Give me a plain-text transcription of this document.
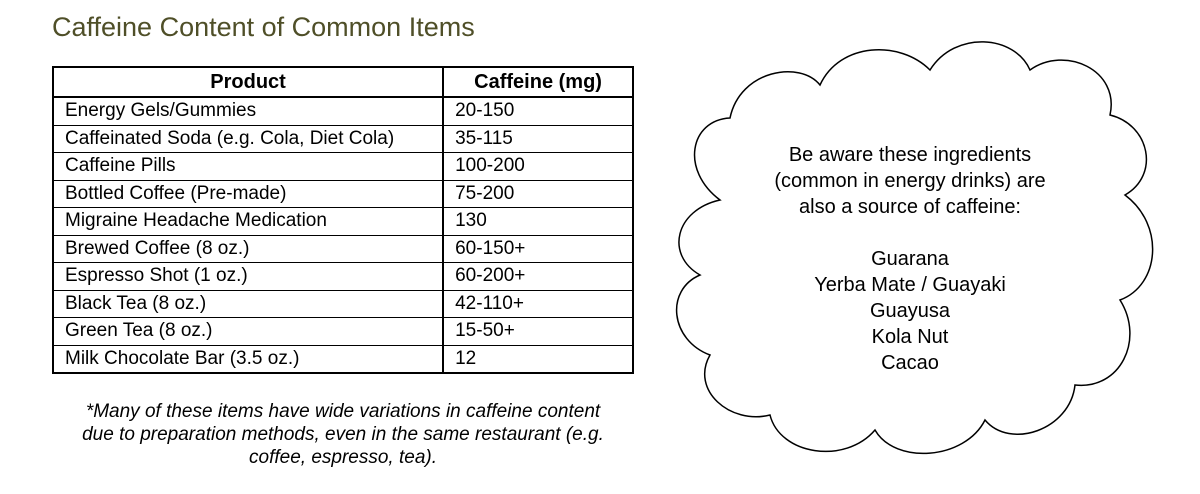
Caffeine Content of Common Items
Product	Caffeine (mg)
Energy Gels/Gummies	20-150
Caffeinated Soda (e.g. Cola, Diet Cola)	35-115
Caffeine Pills	100-200
Bottled Coffee (Pre-made)	75-200
Migraine Headache Medication	130
Brewed Coffee (8 oz.)	60-150+
Espresso Shot (1 oz.)	60-200+
Black Tea (8 oz.)	42-110+
Green Tea (8 oz.)	15-50+
Milk Chocolate Bar (3.5 oz.)	12
*Many of these items have wide variations in caffeine content
due to preparation methods, even in the same restaurant (e.g.
coffee, espresso, tea).
Be aware these ingredients
(common in energy drinks) are
also a source of caffeine:
Guarana
Yerba Mate / Guayaki
Guayusa
Kola Nut
Cacao
